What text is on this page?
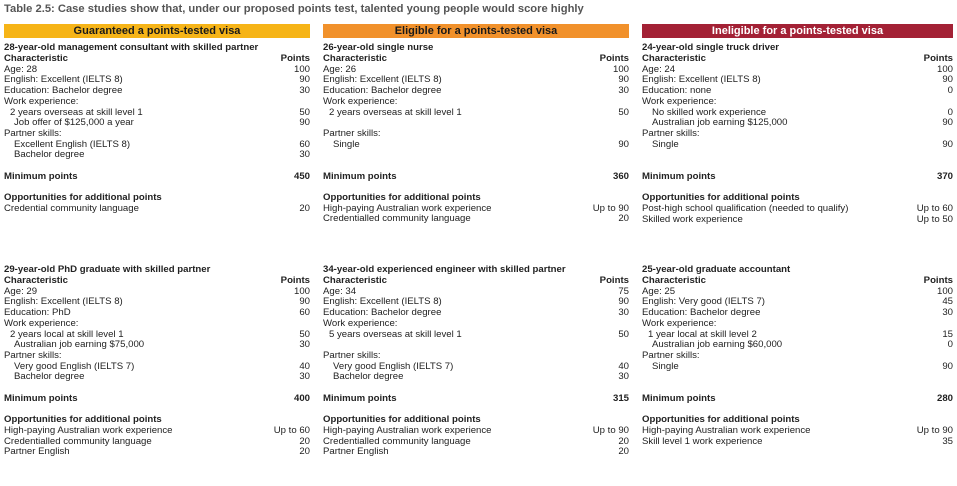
Table 2.5: Case studies show that, under our proposed points test, talented young people would score highly
Guaranteed a points-tested visa
28-year-old management consultant with skilled partner
Characteristic	Points
Age: 28	100
English: Excellent (IELTS 8)	90
Education: Bachelor degree	30
Work experience:
2 years overseas at skill level 1	50
Job offer of $125,000 a year	90
Partner skills:
Excellent English (IELTS 8)	60
Bachelor degree	30
Minimum points	450
Opportunities for additional points
Credential community language	20
29-year-old PhD graduate with skilled partner
Characteristic	Points
Age: 29	100
English: Excellent (IELTS 8)	90
Education: PhD	60
Work experience:
2 years local at skill level 1	50
Australian job earning $75,000	30
Partner skills:
Very good English (IELTS 7)	40
Bachelor degree	30
Minimum points	400
Opportunities for additional points
High-paying Australian work experience	Up to 60
Credentialled community language	20
Partner English	20
Eligible for a points-tested visa
26-year-old single nurse
Characteristic	Points
Age: 26	100
English: Excellent (IELTS 8)	90
Education: Bachelor degree	30
Work experience:
2 years overseas at skill level 1	50
Partner skills:
Single	90
Minimum points	360
Opportunities for additional points
High-paying Australian work experience	Up to 90
Credentialled community language	20
34-year-old experienced engineer with skilled partner
Characteristic	Points
Age: 34	75
English: Excellent (IELTS 8)	90
Education: Bachelor degree	30
Work experience:
5 years overseas at skill level 1	50
Partner skills:
Very good English (IELTS 7)	40
Bachelor degree	30
Minimum points	315
Opportunities for additional points
High-paying Australian work experience	Up to 90
Credentialled community language	20
Partner English	20
Ineligible for a points-tested visa
24-year-old single truck driver
Characteristic	Points
Age: 24	100
English: Excellent (IELTS 8)	90
Education: none	0
Work experience:
No skilled work experience	0
Australian job earning $125,000	90
Partner skills:
Single	90
Minimum points	370
Opportunities for additional points
Post-high school qualification (needed to qualify)	Up to 60
Skilled work experience	Up to 50
25-year-old graduate accountant
Characteristic	Points
Age: 25	100
English: Very good (IELTS 7)	45
Education: Bachelor degree	30
Work experience:
1 year local at skill level 2	15
Australian job earning $60,000	0
Partner skills:
Single	90
Minimum points	280
Opportunities for additional points
High-paying Australian work experience	Up to 90
Skill level 1 work experience	35
